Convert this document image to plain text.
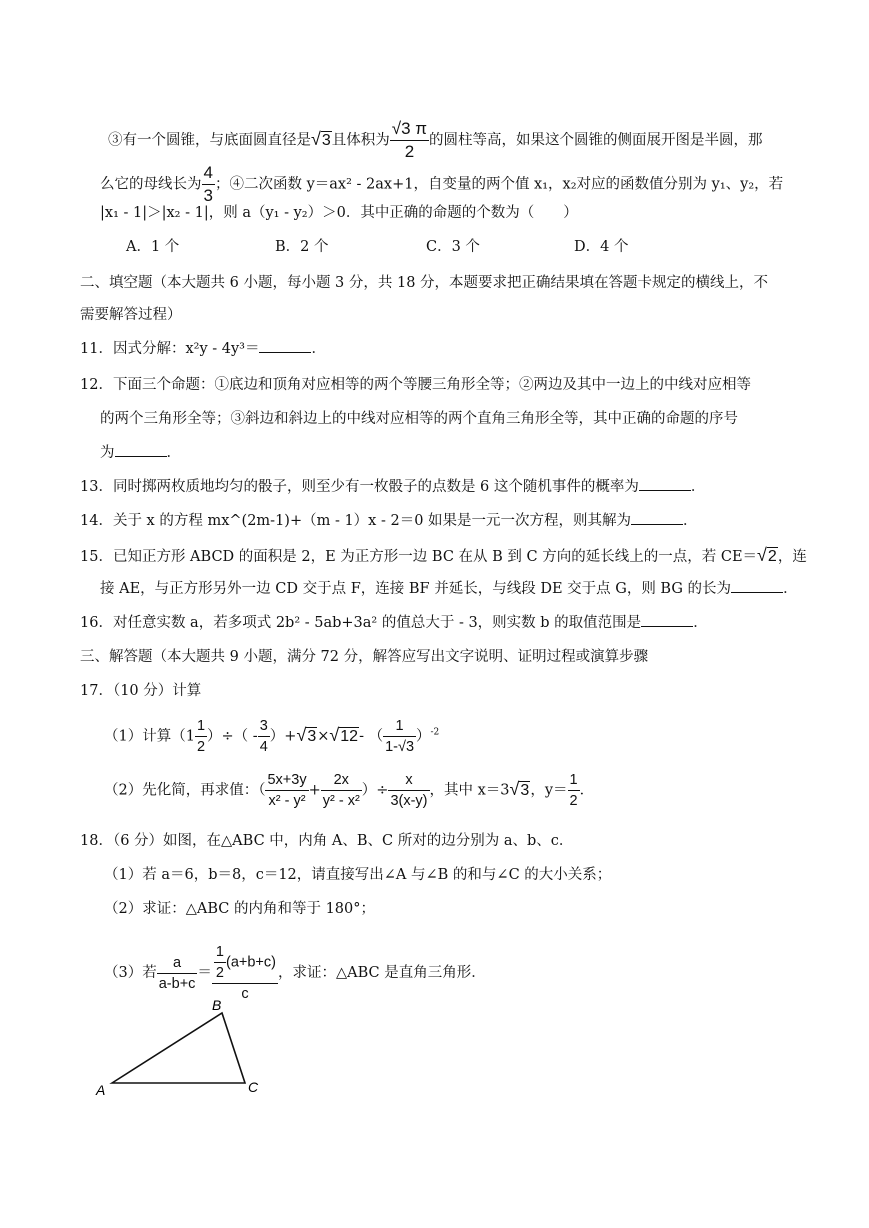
③有一个圆锥，与底面圆直径是√3且体积为 $\frac{√3 \pi}{2}$ 的圆柱等高，如果这个圆锥的侧面展开图是半圆，那
么它的母线长为 $\frac{4}{3}$ ；④二次函数 y＝ax² - 2ax+1，自变量的两个值 x₁，x₂对应的函数值分别为 y₁、y₂，若
|x₁ - 1|＞|x₂ - 1|，则 a（y₁ - y₂）＞0．其中正确的命题的个数为（　　）
A．1 个	B．2 个	C．3 个	D．4 个
二、填空题（本大题共 6 小题，每小题 3 分，共 18 分，本题要求把正确结果填在答题卡规定的横线上，不
需要解答过程）
11．因式分解：x²y - 4y³＝	．
12．下面三个命题：①底边和顶角对应相等的两个等腰三角形全等；②两边及其中一边上的中线对应相等
的两个三角形全等；③斜边和斜边上的中线对应相等的两个直角三角形全等，其中正确的命题的序号
为	．
13．同时掷两枚质地均匀的骰子，则至少有一枚骰子的点数是 6 这个随机事件的概率为	．
14．关于 x 的方程 mx^(2m-1)+（m - 1）x - 2＝0 如果是一元一次方程，则其解为	．
15．已知正方形 ABCD 的面积是 2，E 为正方形一边 BC 在从 B 到 C 方向的延长线上的一点，若 CE＝√2，连
接 AE，与正方形另外一边 CD 交于点 F，连接 BF 并延长，与线段 DE 交于点 G，则 BG 的长为	．
16．对任意实数 a，若多项式 2b² - 5ab+3a² 的值总大于 - 3，则实数 b 的取值范围是	．
三、解答题（本大题共 9 小题，满分 72 分，解答应写出文字说明、证明过程或演算步骤
17．（10 分）计算
（1）计算（$1 \frac{1}{2}$ ）÷（ - $\frac{3}{4} )+√3\times√12-$ （ $\frac{1}{1-√3} )^{-2}$
（2）先化简，再求值：（ $\frac{5x+3y}{\text{x² - y²}} + \frac{2x}{\text{y² - x²}}$ ）÷ $\frac{x}{3(x-y)}$ ，其中 x＝3√3，$y= \frac{1}{2}$ ．
18．（6 分）如图，在△ABC 中，内角 A、B、C 所对的边分别为 a、b、c．
（1）若 a＝6，b＝8，c＝12，请直接写出∠A 与∠B 的和与∠C 的大小关系；
（2）求证：△ABC 的内角和等于 180°；
（3）若 $\frac{a}{a-b+c} = \frac{\frac{1}{2} (a+b+c)}{c}$ ，求证：△ABC 是直角三角形．
A
B
C
